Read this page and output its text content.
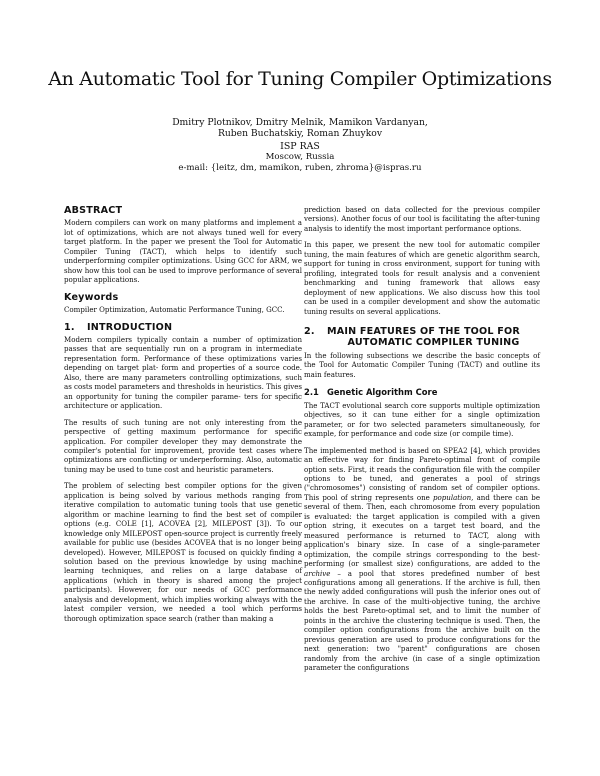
An Automatic Tool for Tuning Compiler Optimizations
Dmitry Plotnikov, Dmitry Melnik, Mamikon Vardanyan,
Ruben Buchatskiy, Roman Zhuykov
ISP RAS
Moscow, Russia
e-mail: {leitz, dm, mamikon, ruben, zhroma}@ispras.ru
ABSTRACT

Modern compilers can work on many platforms and implement a lot of optimizations, which are not always tuned well for every target platform. In the paper we present the Tool for Automatic Compiler Tuning (TACT), which helps to identify such underperforming compiler optimizations. Using GCC for ARM, we show how this tool can be used to improve performance of several popular applications.

Keywords

Compiler Optimization, Automatic Performance Tuning, GCC.

1. INTRODUCTION

Modern compilers typically contain a number of optimization passes that are sequentially run on a program in intermediate representation form. Performance of these optimizations varies depending on target plat- form and properties of a source code. Also, there are many parameters controlling optimizations, such as costs model parameters and thresholds in heuristics. This gives an opportunity for tuning the compiler parame- ters for specific architecture or application.

The results of such tuning are not only interesting from the perspective of getting maximum performance for specific application. For compiler developer they may demonstrate the compiler's potential for improvement, provide test cases where optimizations are conflicting or underperforming. Also, automatic tuning may be used to tune cost and heuristic parameters.

The problem of selecting best compiler options for the given application is being solved by various methods ranging from iterative compilation to automatic tuning tools that use genetic algorithm or machine learning to find the best set of compiler options (e.g. COLE [1], ACOVEA [2], MILEPOST [3]). To our knowledge only MILEPOST open-source project is currently freely available for public use (besides ACOVEA that is no longer being developed). However, MILEPOST is focused on quickly finding a solution based on the previous knowledge by using machine learning techniques, and relies on a large database of applications (which in theory is shared among the project participants). However, for our needs of GCC performance analysis and development, which implies working always with the latest compiler version, we needed a tool which performs thorough optimization space search (rather than making a

prediction based on data collected for the previous compiler versions). Another focus of our tool is facilitating the after-tuning analysis to identify the most important performance options.

In this paper, we present the new tool for automatic compiler tuning, the main features of which are genetic algorithm search, support for tuning in cross environment, support for tuning with profiling, integrated tools for result analysis and a convenient benchmarking and tuning framework that allows easy deployment of new applications. We also discuss how this tool can be used in a compiler development and show the automatic tuning results on several applications.

2. MAIN FEATURES OF THE TOOL FOR
AUTOMATIC COMPILER TUNING

In the following subsections we describe the basic concepts of the Tool for Automatic Compiler Tuning (TACT) and outline its main features.

2.1 Genetic Algorithm Core

The TACT evolutional search core supports multiple optimization objectives, so it can tune either for a single optimization parameter, or for two selected parameters simultaneously, for example, for performance and code size (or compile time).

The implemented method is based on SPEA2 [4], which provides an effective way for finding Pareto-optimal front of compile option sets. First, it reads the configuration file with the compiler options to be tuned, and generates a pool of strings ("chromosomes") consisting of random set of compiler options. This pool of string represents one population, and there can be several of them. Then, each chromosome from every population is evaluated: the target application is compiled with a given option string, it executes on a target test board, and the measured performance is returned to TACT, along with application's binary size. In case of a single-parameter optimization, the compile strings corresponding to the best-performing (or smallest size) configurations, are added to the archive – a pool that stores predefined number of best configurations among all generations. If the archive is full, then the newly added configurations will push the inferior ones out of the archive. In case of the multi-objective tuning, the archive holds the best Pareto-optimal set, and to limit the number of points in the archive the clustering technique is used. Then, the compiler option configurations from the archive built on the previous generation are used to produce configurations for the next generation: two "parent" configurations are chosen randomly from the archive (in case of a single optimization parameter the configurations
